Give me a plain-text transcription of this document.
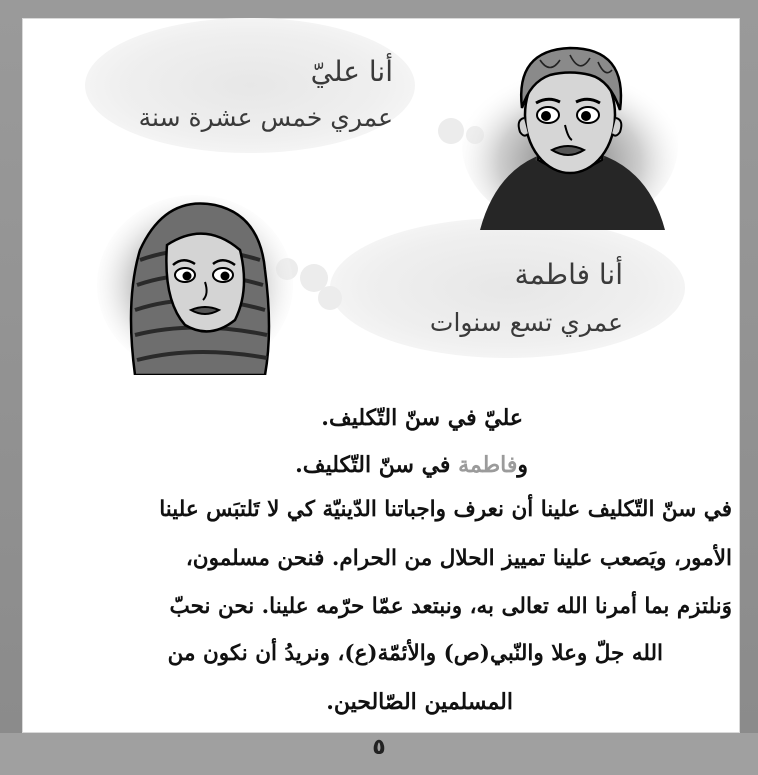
أنا عليّ
عمري خمس عشرة سنة
أنا فاطمة
عمري تسع سنوات
عليّ في سنّ التّكليف.
وفاطمة في سنّ التّكليف.
في سنّ التّكليف علينا أن نعرف واجباتنا الدّينيّة كي لا تَلتبَس علينا
الأمور، ويَصعب علينا تمييز الحلال من الحرام. فنحن مسلمون،
وَنلتزم بما أمرنا الله تعالى به، ونبتعد عمّا حرّمه علينا. نحن نحبّ
الله جلّ وعلا والنّبي(ص) والأئمّة(ع)، ونريدُ أن نكون من
المسلمين الصّالحين.
٥
